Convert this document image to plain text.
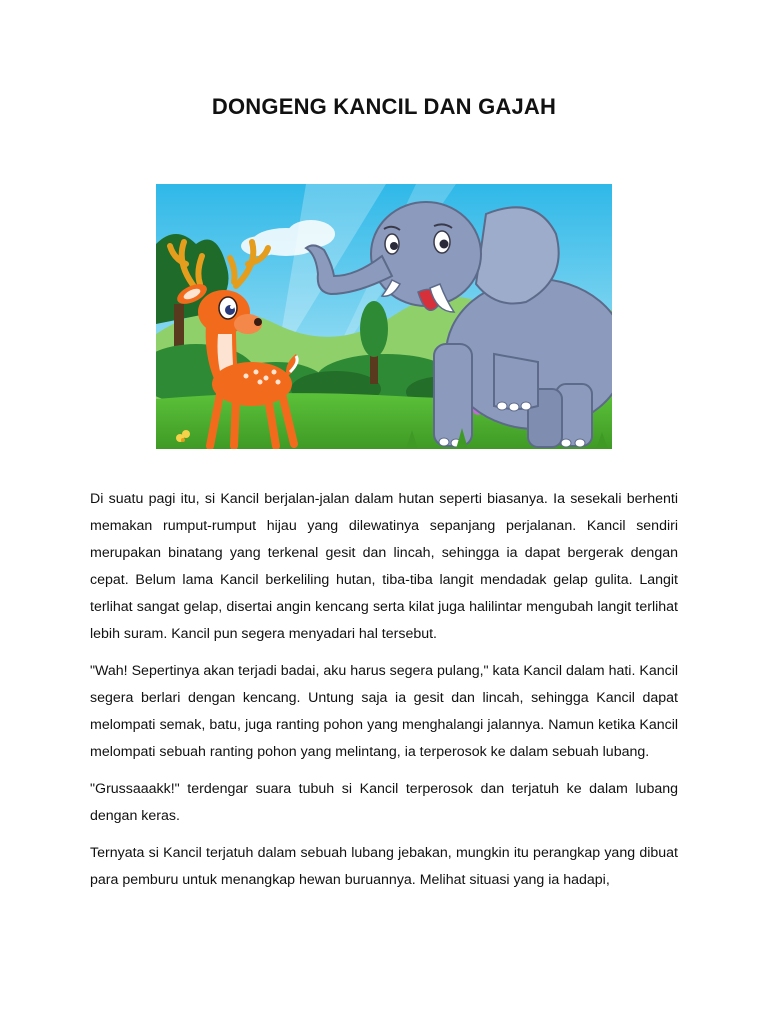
DONGENG KANCIL DAN GAJAH

Di suatu pagi itu, si Kancil berjalan-jalan dalam hutan seperti biasanya. Ia sesekali berhenti memakan rumput-rumput hijau yang dilewatinya sepanjang perjalanan. Kancil sendiri merupakan binatang yang terkenal gesit dan lincah, sehingga ia dapat bergerak dengan cepat. Belum lama Kancil berkeliling hutan, tiba-tiba langit mendadak gelap gulita. Langit terlihat sangat gelap, disertai angin kencang serta kilat juga halilintar mengubah langit terlihat lebih suram. Kancil pun segera menyadari hal tersebut.

"Wah! Sepertinya akan terjadi badai, aku harus segera pulang," kata Kancil dalam hati. Kancil segera berlari dengan kencang. Untung saja ia gesit dan lincah, sehingga Kancil dapat melompati semak, batu, juga ranting pohon yang menghalangi jalannya. Namun ketika Kancil melompati sebuah ranting pohon yang melintang, ia terperosok ke dalam sebuah lubang.

"Grussaaakk!" terdengar suara tubuh si Kancil terperosok dan terjatuh ke dalam lubang dengan keras.

Ternyata si Kancil terjatuh dalam sebuah lubang jebakan, mungkin itu perangkap yang dibuat para pemburu untuk menangkap hewan buruannya. Melihat situasi yang ia hadapi,
